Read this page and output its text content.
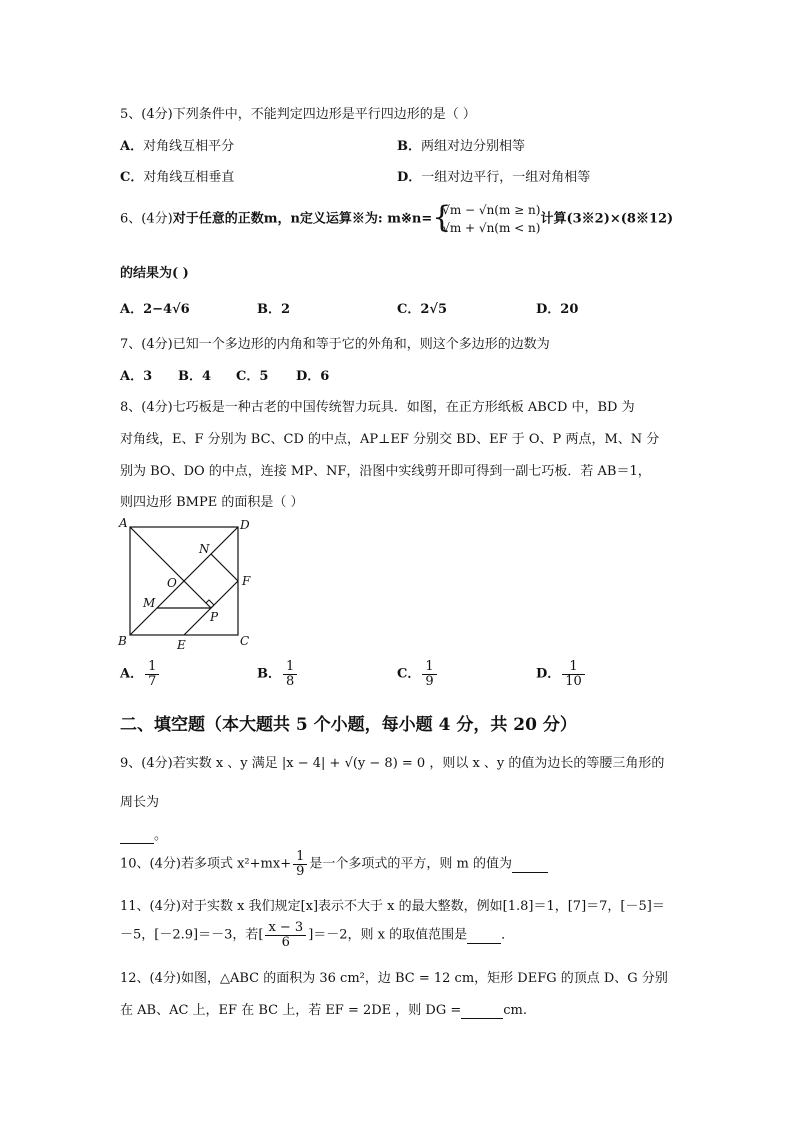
5、(4分)下列条件中，不能判定四边形是平行四边形的是（ ）
A．对角线互相平分	B．两组对边分别相等
C．对角线互相垂直	D．一组对边平行，一组对角相等
6、(4分)对于任意的正数m，n定义运算※为: m※n= {
√m − √n(m ≥ n)
√m + √n(m < n)
计算(3※2)×(8※12)
的结果为( )
A．2−4√6	B．2	C．2√5	D．20
7、(4分)已知一个多边形的内角和等于它的外角和，则这个多边形的边数为
A．3 B．4 C．5 D．6
8、(4分)七巧板是一种古老的中国传统智力玩具．如图，在正方形纸板 ABCD 中，BD 为
对角线，E、F 分别为 BC、CD 的中点，AP⊥EF 分别交 BD、EF 于 O、P 两点，M、N 分
别为 BO、DO 的中点，连接 MP、NF，沿图中实线剪开即可得到一副七巧板．若 AB＝1，
则四边形 BMPE 的面积是（ ）
A	D
B	C
E
F
M
N
O
P
A． $\frac{1}{7}$	B． $\frac{1}{8}$	C． $\frac{1}{9}$	D． $\frac{1}{10}$
二、填空题（本大题共 5 个小题，每小题 4 分，共 20 分）
9、(4分)若实数 x 、y 满足 |x − 4| + √(y − 8) = 0 ，则以 x 、y 的值为边长的等腰三角形的
周长为
。
10、(4分)若多项式 $x^2+mx+ \frac{1}{9}$ 是一个多项式的平方，则 m 的值为
11、(4分)对于实数 x 我们规定[x]表示不大于 x 的最大整数，例如[1.8]＝1，[7]＝7，[－5]＝
－5，[－2.9]＝－3，若[ $\frac{x - 3}{6} ]=-2$，则 x 的取值范围是	．
12、(4分)如图，△ABC 的面积为 36 cm²，边 BC = 12 cm，矩形 DEFG 的顶点 D、G 分别
在 AB、AC 上，EF 在 BC 上，若 EF = 2DE ，则 DG =	cm.
